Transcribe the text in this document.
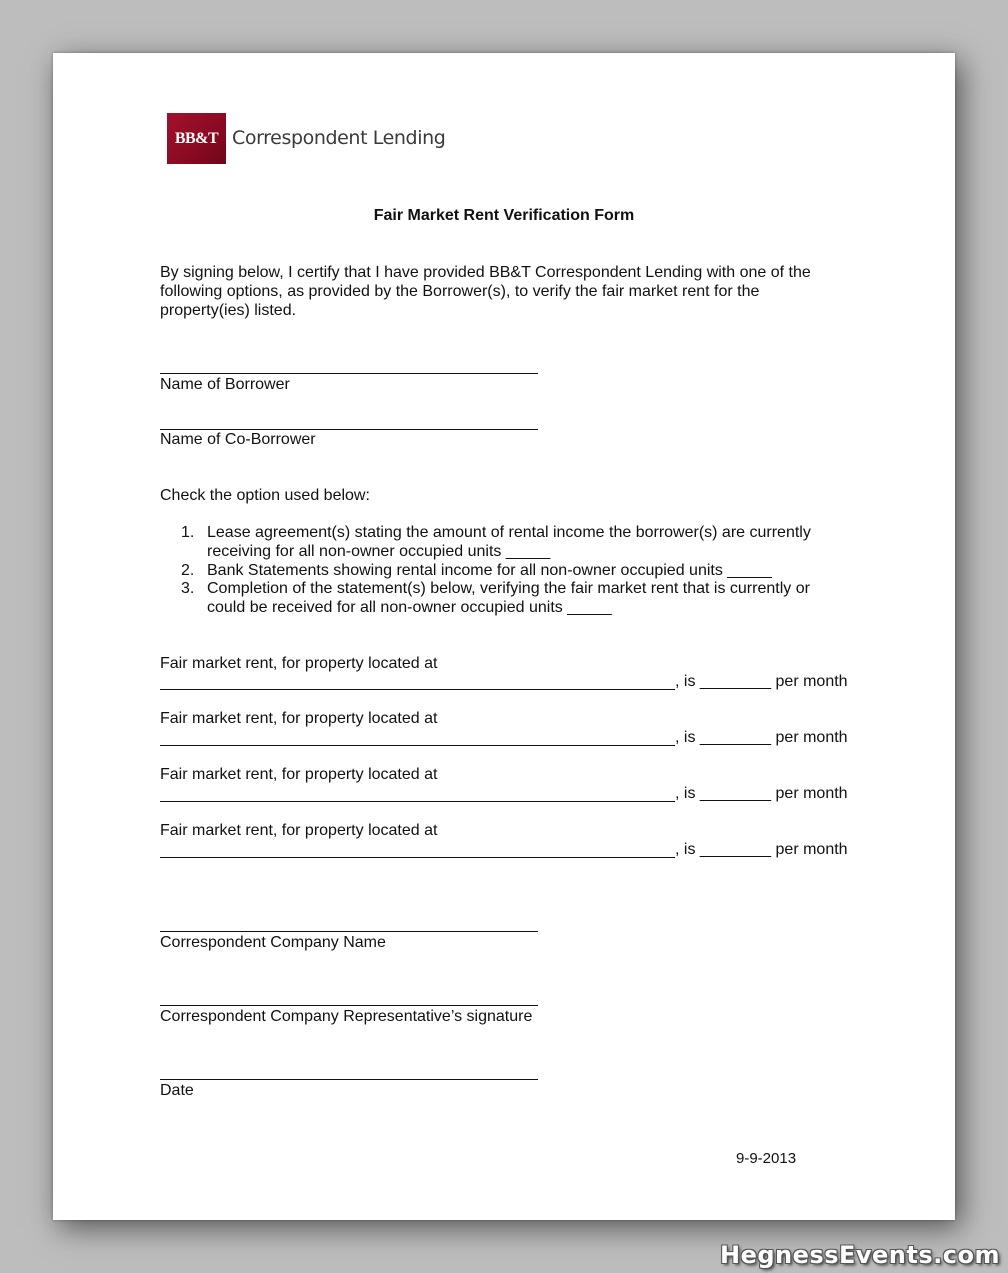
BB&T Correspondent Lending
Fair Market Rent Verification Form
By signing below, I certify that I have provided BB&T Correspondent Lending with one of the
following options, as provided by the Borrower(s), to verify the fair market rent for the
property(ies) listed.
Name of Borrower
Name of Co-Borrower
Check the option used below:
1. Lease agreement(s) stating the amount of rental income the borrower(s) are currently
receiving for all non-owner occupied units _____
2. Bank Statements showing rental income for all non-owner occupied units _____
3. Completion of the statement(s) below, verifying the fair market rent that is currently or
could be received for all non-owner occupied units _____
Fair market rent, for property located at
, is ________ per month
Fair market rent, for property located at
, is ________ per month
Fair market rent, for property located at
, is ________ per month
Fair market rent, for property located at
, is ________ per month
Correspondent Company Name
Correspondent Company Representative’s signature
Date
9-9-2013
HegnessEvents.com
